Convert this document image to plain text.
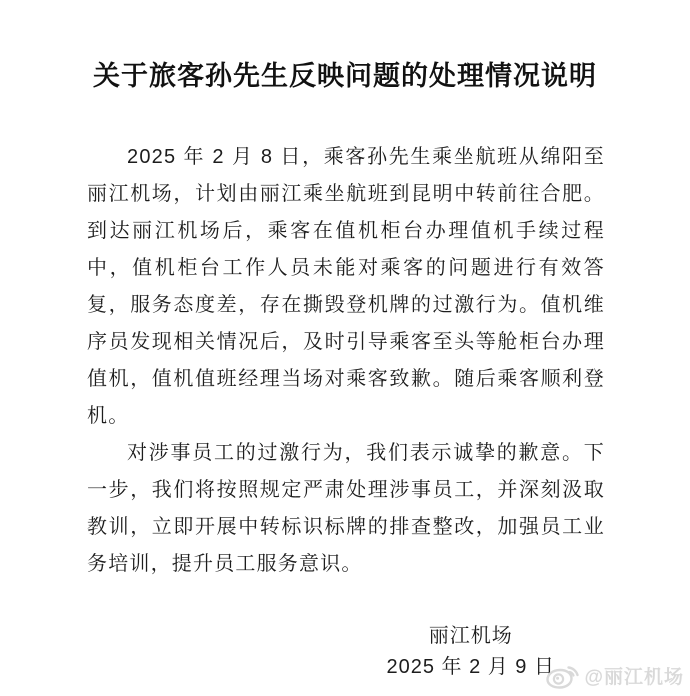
关于旅客孙先生反映问题的处理情况说明

2025 年 2 月 8 日，乘客孙先生乘坐航班从绵阳至丽江机场，计划由丽江乘坐航班到昆明中转前往合肥。到达丽江机场后，乘客在值机柜台办理值机手续过程中，值机柜台工作人员未能对乘客的问题进行有效答复，服务态度差，存在撕毁登机牌的过激行为。值机维序员发现相关情况后，及时引导乘客至头等舱柜台办理值机，值机值班经理当场对乘客致歉。随后乘客顺利登机。

对涉事员工的过激行为，我们表示诚挚的歉意。下一步，我们将按照规定严肃处理涉事员工，并深刻汲取教训，立即开展中转标识标牌的排查整改，加强员工业务培训，提升员工服务意识。

丽江机场
2025 年 2 月 9 日 @丽江机场
